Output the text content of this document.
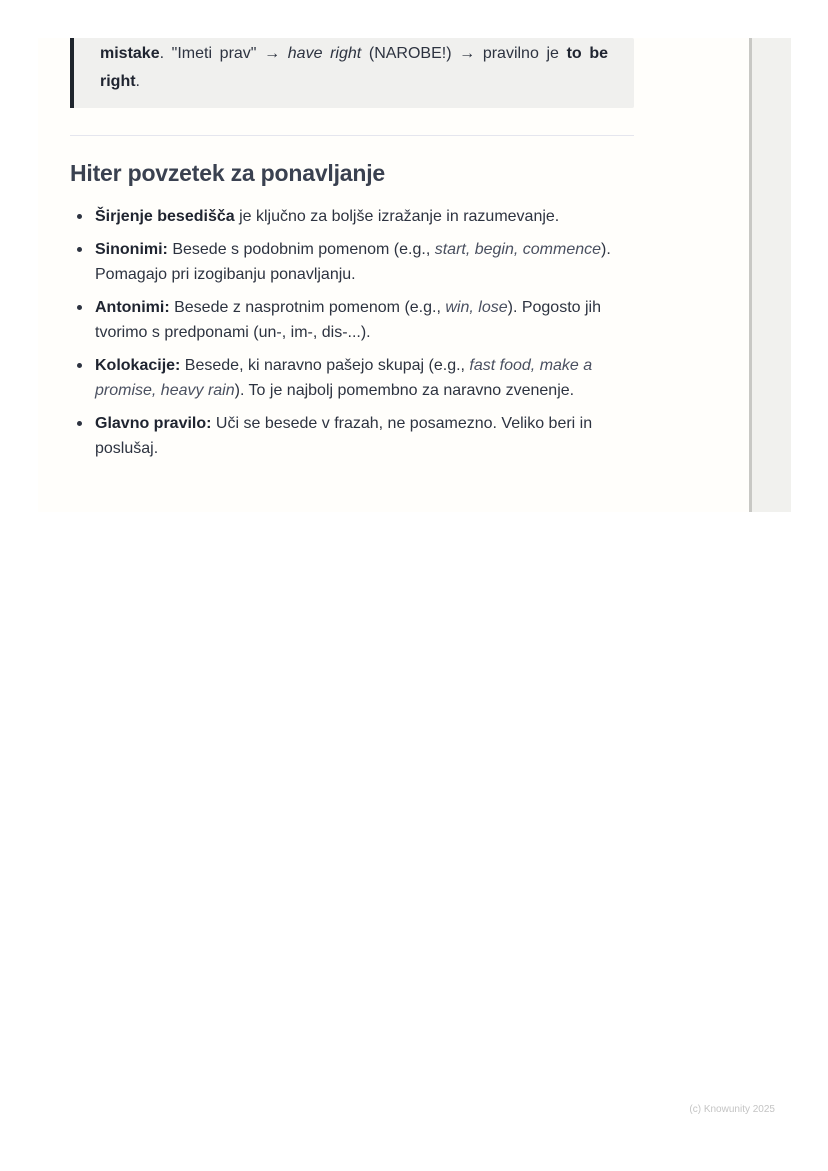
mistake. "Imeti prav" → have right (NAROBE!) → pravilno je to be right.
Hiter povzetek za ponavljanje
Širjenje besedišča je ključno za boljše izražanje in razumevanje.
Sinonimi: Besede s podobnim pomenom (e.g., start, begin, commence). Pomagajo pri izogibanju ponavljanju.
Antonimi: Besede z nasprotnim pomenom (e.g., win, lose). Pogosto jih tvorimo s predponami (un-, im-, dis-...).
Kolokacije: Besede, ki naravno pašejo skupaj (e.g., fast food, make a promise, heavy rain). To je najbolj pomembno za naravno zvenenje.
Glavno pravilo: Uči se besede v frazah, ne posamezno. Veliko beri in poslušaj.
(c) Knowunity 2025
